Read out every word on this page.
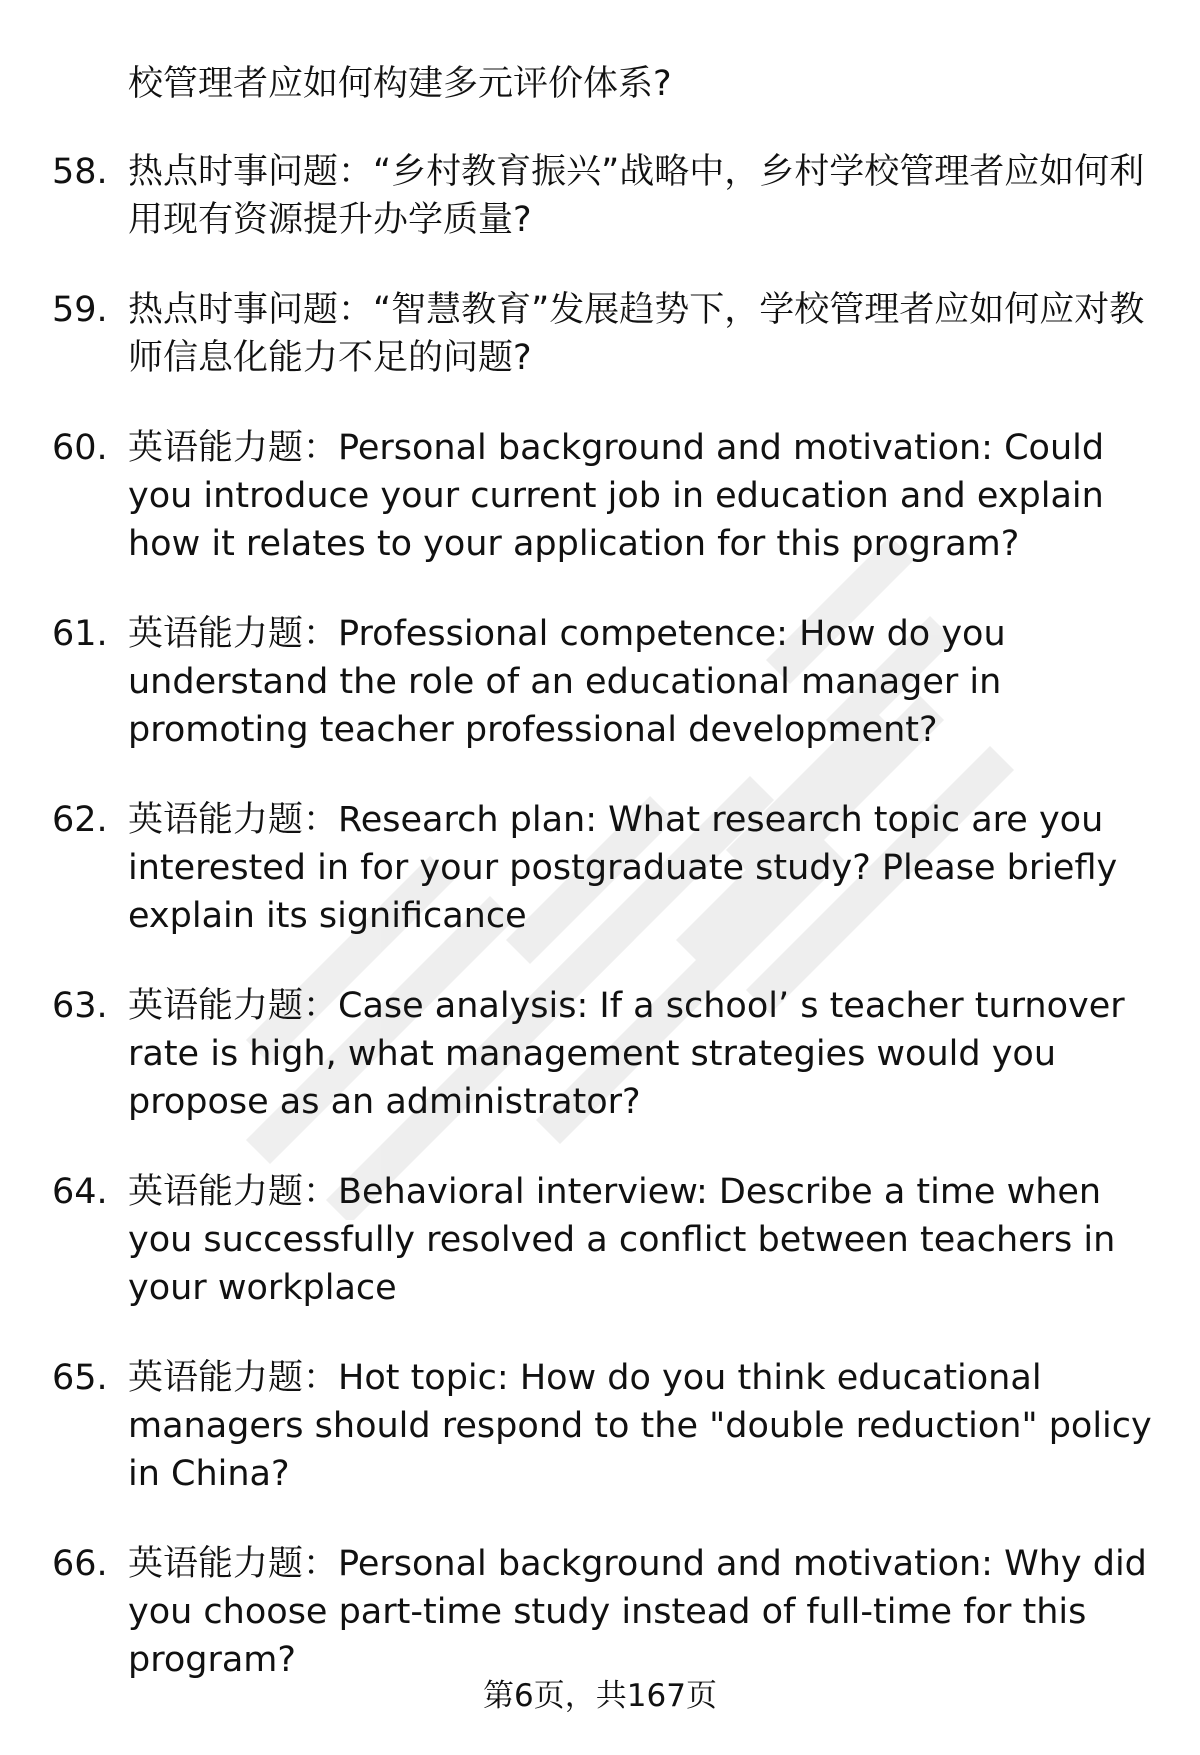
校管理者应如何构建多元评价体系?
58. 热点时事问题：“乡村教育振兴”战略中，乡村学校管理者应如何利用现有资源提升办学质量?
59. 热点时事问题：“智慧教育”发展趋势下，学校管理者应如何应对教师信息化能力不足的问题?
60. 英语能力题：Personal background and motivation: Could you introduce your current job in education and explain how it relates to your application for this program?
61. 英语能力题：Professional competence: How do you understand the role of an educational manager in promoting teacher professional development?
62. 英语能力题：Research plan: What research topic are you interested in for your postgraduate study? Please briefly explain its significance
63. 英语能力题：Case analysis: If a school’ s teacher turnover rate is high, what management strategies would you propose as an administrator?
64. 英语能力题：Behavioral interview: Describe a time when you successfully resolved a conflict between teachers in your workplace
65. 英语能力题：Hot topic: How do you think educational managers should respond to the "double reduction" policy in China?
66. 英语能力题：Personal background and motivation: Why did you choose part-time study instead of full-time for this program?
第6页，共167页
